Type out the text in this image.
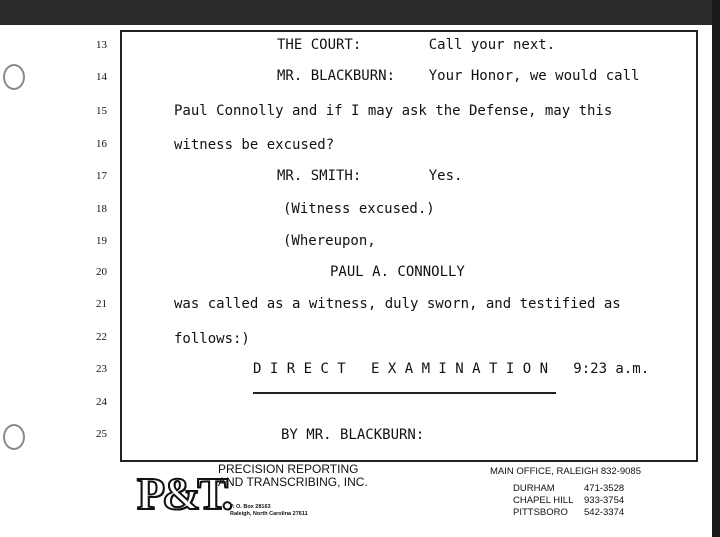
13
14
15
16
17
18
19
20
21
22
23
24
25
THE COURT:        Call your next.
MR. BLACKBURN:    Your Honor, we would call
Paul Connolly and if I may ask the Defense, may this
witness be excused?
MR. SMITH:        Yes.
(Witness excused.)
(Whereupon,
PAUL A. CONNOLLY
was called as a witness, duly sworn, and testified as
follows:)
D I R E C T   E X A M I N A T I O N   9:23 a.m.
BY MR. BLACKBURN:
P&T.
PRECISION REPORTING
AND TRANSCRIBING, INC.
P. O. Box 28163
Raleigh, North Carolina 27611
MAIN OFFICE, RALEIGH 832-9085
DURHAM	471-3528
CHAPEL HILL 933-3754
PITTSBORO 542-3374
